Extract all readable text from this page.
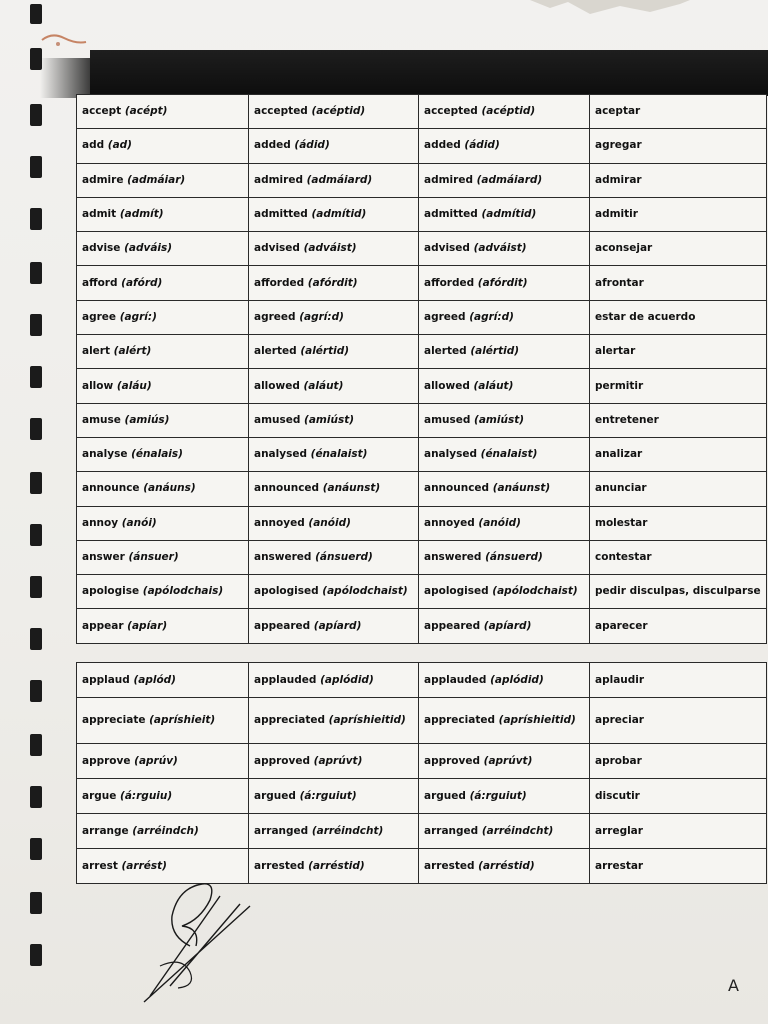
accept (acépt)	accepted (acéptid)	accepted (acéptid)	aceptar
add (ad)	added (ádid)	added (ádid)	agregar
admire (admáiar)	admired (admáiard)	admired (admáiard)	admirar
admit (admít)	admitted (admítid)	admitted (admítid)	admitir
advise (adváis)	advised (adváist)	advised (adváist)	aconsejar
afford (afórd)	afforded (afórdit)	afforded (afórdit)	afrontar
agree (agrí:)	agreed (agrí:d)	agreed (agrí:d)	estar de acuerdo
alert (alért)	alerted (alértid)	alerted (alértid)	alertar
allow (aláu)	allowed (aláut)	allowed (aláut)	permitir
amuse (amiús)	amused (amiúst)	amused (amiúst)	entretener
analyse (énalais)	analysed (énalaist)	analysed (énalaist)	analizar
announce (anáuns)	announced (anáunst)	announced (anáunst)	anunciar
annoy (anói)	annoyed (anóid)	annoyed (anóid)	molestar
answer (ánsuer)	answered (ánsuerd)	answered (ánsuerd)	contestar
apologise (apólodchais)	apologised (apólodchaist)	apologised (apólodchaist)	pedir disculpas, disculparse
appear (apíar)	appeared (apíard)	appeared (apíard)	aparecer
applaud (aplód)	applauded (aplódid)	applauded (aplódid)	aplaudir
appreciate (apríshieit)	appreciated (apríshieitid)	appreciated (apríshieitid)	apreciar
approve (aprúv)	approved (aprúvt)	approved (aprúvt)	aprobar
argue (á:rguiu)	argued (á:rguiut)	argued (á:rguiut)	discutir
arrange (arréindch)	arranged (arréindcht)	arranged (arréindcht)	arreglar
arrest (arrést)	arrested (arréstid)	arrested (arréstid)	arrestar
A
